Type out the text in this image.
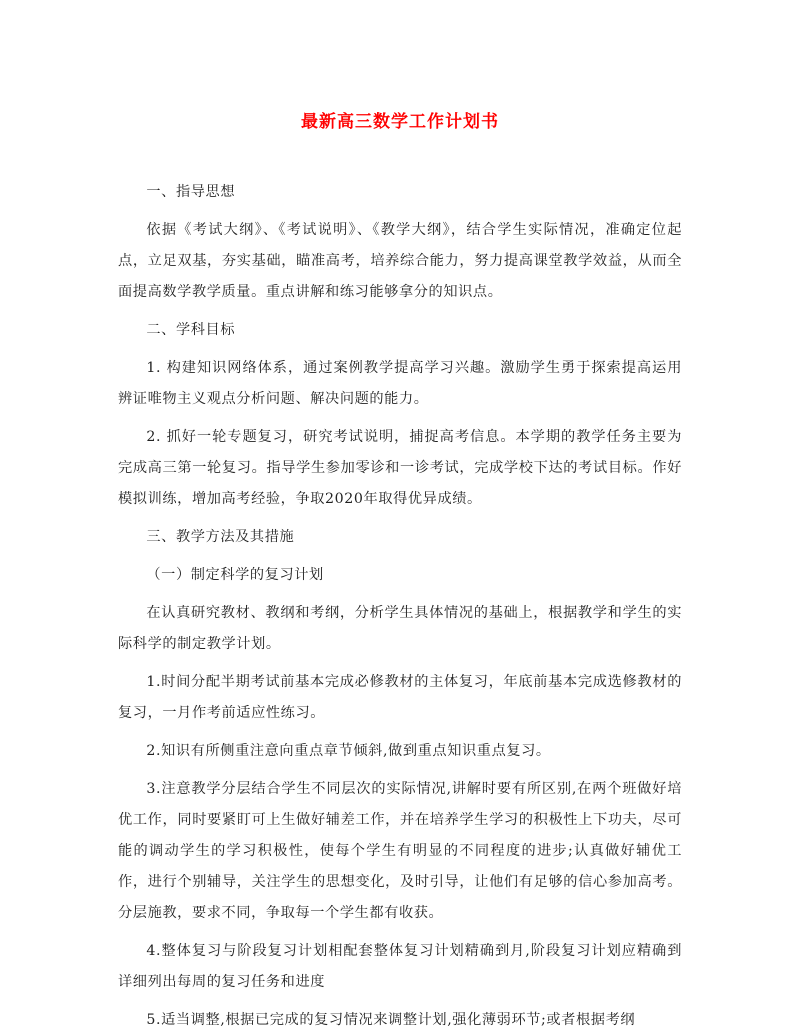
最新高三数学工作计划书

一、指导思想

依据《考试大纲》、《考试说明》、《教学大纲》，结合学生实际情况，准确定位起点，立足双基，夯实基础，瞄准高考，培养综合能力，努力提高课堂教学效益，从而全面提高数学教学质量。重点讲解和练习能够拿分的知识点。

二、学科目标

1. 构建知识网络体系，通过案例教学提高学习兴趣。激励学生勇于探索提高运用辨证唯物主义观点分析问题、解决问题的能力。

2. 抓好一轮专题复习，研究考试说明，捕捉高考信息。本学期的教学任务主要为完成高三第一轮复习。指导学生参加零诊和一诊考试，完成学校下达的考试目标。作好模拟训练，增加高考经验，争取2020年取得优异成绩。

三、教学方法及其措施

（一）制定科学的复习计划

在认真研究教材、教纲和考纲，分析学生具体情况的基础上，根据教学和学生的实际科学的制定教学计划。

1.时间分配半期考试前基本完成必修教材的主体复习，年底前基本完成选修教材的复习，一月作考前适应性练习。

2.知识有所侧重注意向重点章节倾斜,做到重点知识重点复习。

3.注意教学分层结合学生不同层次的实际情况,讲解时要有所区别,在两个班做好培优工作，同时要紧盯可上生做好辅差工作，并在培养学生学习的积极性上下功夫，尽可能的调动学生的学习积极性，使每个学生有明显的不同程度的进步;认真做好辅优工作，进行个别辅导，关注学生的思想变化，及时引导，让他们有足够的信心参加高考。分层施教，要求不同，争取每一个学生都有收获。

4.整体复习与阶段复习计划相配套整体复习计划精确到月,阶段复习计划应精确到详细列出每周的复习任务和进度

5.适当调整,根据已完成的复习情况来调整计划,强化薄弱环节;或者根据考纲
